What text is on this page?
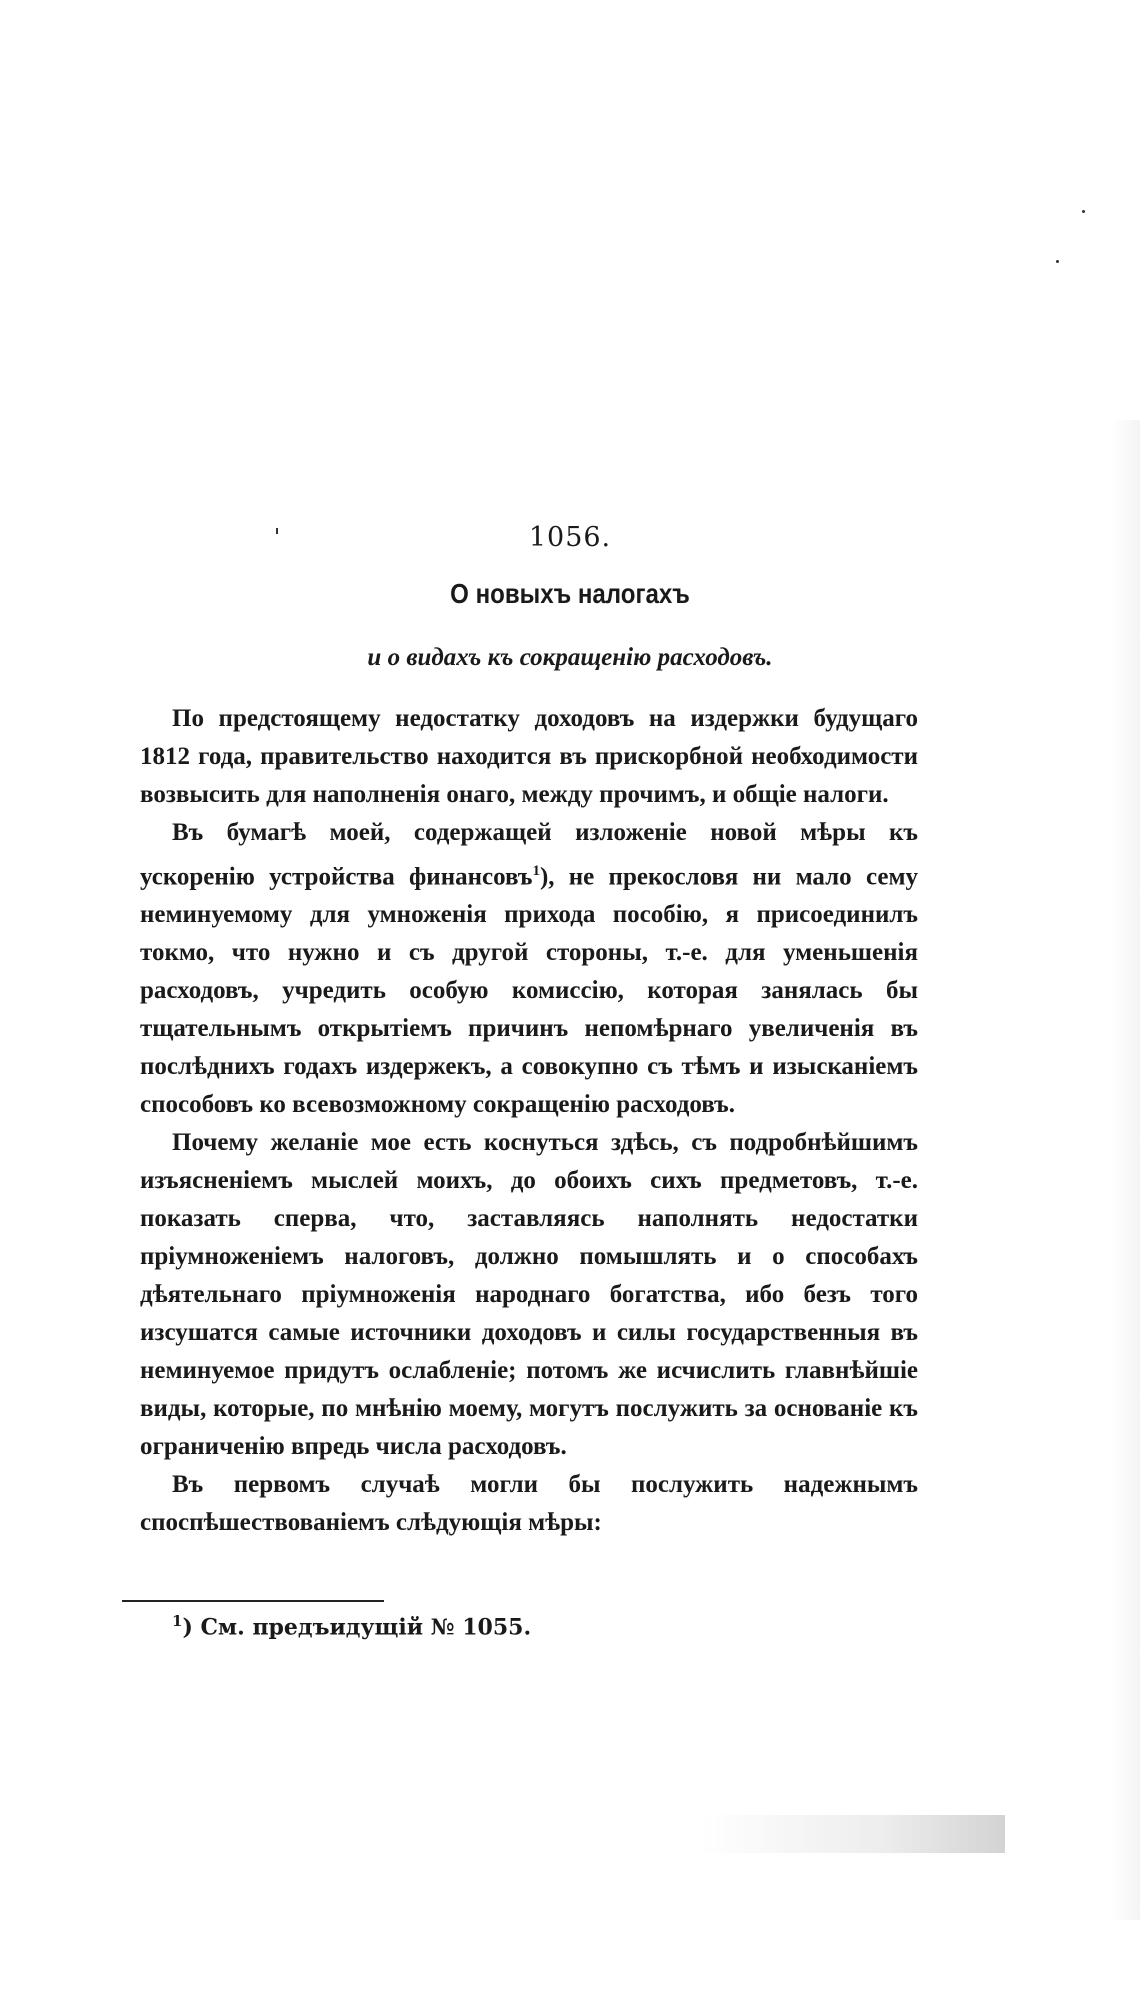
1056.
О новыхъ налогахъ
и о видахъ къ сокращенію расходовъ.

По предстоящему недостатку доходовъ на издержки будущаго 1812 года, правительство находится въ прискорбной необходимости возвысить для наполненія онаго, между прочимъ, и общіе налоги.

Въ бумагѣ моей, содержащей изложеніе новой мѣры къ ускоренію устройства финансовъ$^1$), не прекословя ни мало сему неминуемому для умноженія прихода пособію, я присоединилъ токмо, что нужно и съ другой стороны, т.-е. для уменьшенія расходовъ, учредить особую комиссію, которая занялась бы тщательнымъ открытіемъ причинъ непомѣрнаго увеличенія въ послѣднихъ годахъ издержекъ, а совокупно съ тѣмъ и изысканіемъ способовъ ко всевозможному сокращенію расходовъ.

Почему желаніе мое есть коснуться здѣсь, съ подробнѣйшимъ изъясненіемъ мыслей моихъ, до обоихъ сихъ предметовъ, т.-е. показать сперва, что, заставляясь наполнять недостатки пріумноженіемъ налоговъ, должно помышлять и о способахъ дѣятельнаго пріумноженія народнаго богатства, ибо безъ того изсушатся самые источники доходовъ и силы государственныя въ неминуемое придутъ ослабленіе; потомъ же исчислить главнѣйшіе виды, которые, по мнѣнію моему, могутъ послужить за основаніе къ ограниченію впредь числа расходовъ.

Въ первомъ случаѣ могли бы послужить надежнымъ споспѣшествованіемъ слѣдующія мѣры:

$^1$) См. предъидущій № 1055.
